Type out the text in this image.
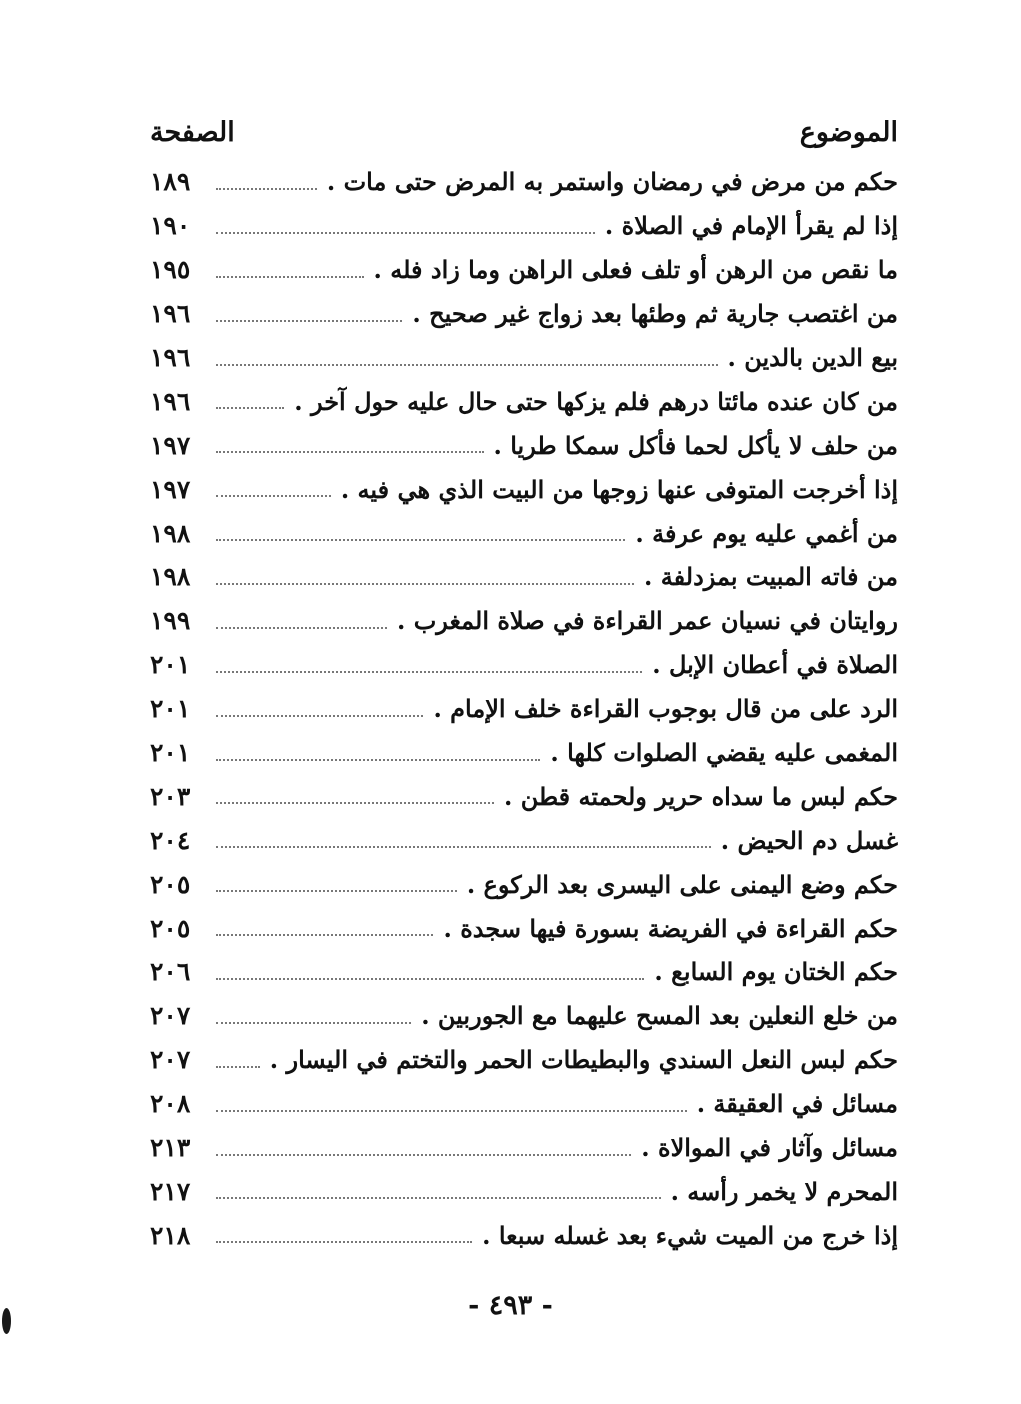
الموضوع
الصفحة
حكم من مرض في رمضان واستمر به المرض حتى مات .
١٨٩
إذا لم يقرأ الإمام في الصلاة .
١٩٠
ما نقص من الرهن أو تلف فعلى الراهن وما زاد فله .
١٩٥
من اغتصب جارية ثم وطئها بعد زواج غير صحيح .
١٩٦
بيع الدين بالدين .
١٩٦
من كان عنده مائتا درهم فلم يزكها حتى حال عليه حول آخر .
١٩٦
من حلف لا يأكل لحما فأكل سمكا طريا .
١٩٧
إذا أخرجت المتوفى عنها زوجها من البيت الذي هي فيه .
١٩٧
من أغمي عليه يوم عرفة .
١٩٨
من فاته المبيت بمزدلفة .
١٩٨
روايتان في نسيان عمر القراءة في صلاة المغرب .
١٩٩
الصلاة في أعطان الإبل .
٢٠١
الرد على من قال بوجوب القراءة خلف الإمام .
٢٠١
المغمى عليه يقضي الصلوات كلها .
٢٠١
حكم لبس ما سداه حرير ولحمته قطن .
٢٠٣
غسل دم الحيض .
٢٠٤
حكم وضع اليمنى على اليسرى بعد الركوع .
٢٠٥
حكم القراءة في الفريضة بسورة فيها سجدة .
٢٠٥
حكم الختان يوم السابع .
٢٠٦
من خلع النعلين بعد المسح عليهما مع الجوربين .
٢٠٧
حكم لبس النعل السندي والبطيطات الحمر والتختم في اليسار .
٢٠٧
مسائل في العقيقة .
٢٠٨
مسائل وآثار في الموالاة .
٢١٣
المحرم لا يخمر رأسه .
٢١٧
إذا خرج من الميت شيء بعد غسله سبعا .
٢١٨
- ٤٩٣ -
